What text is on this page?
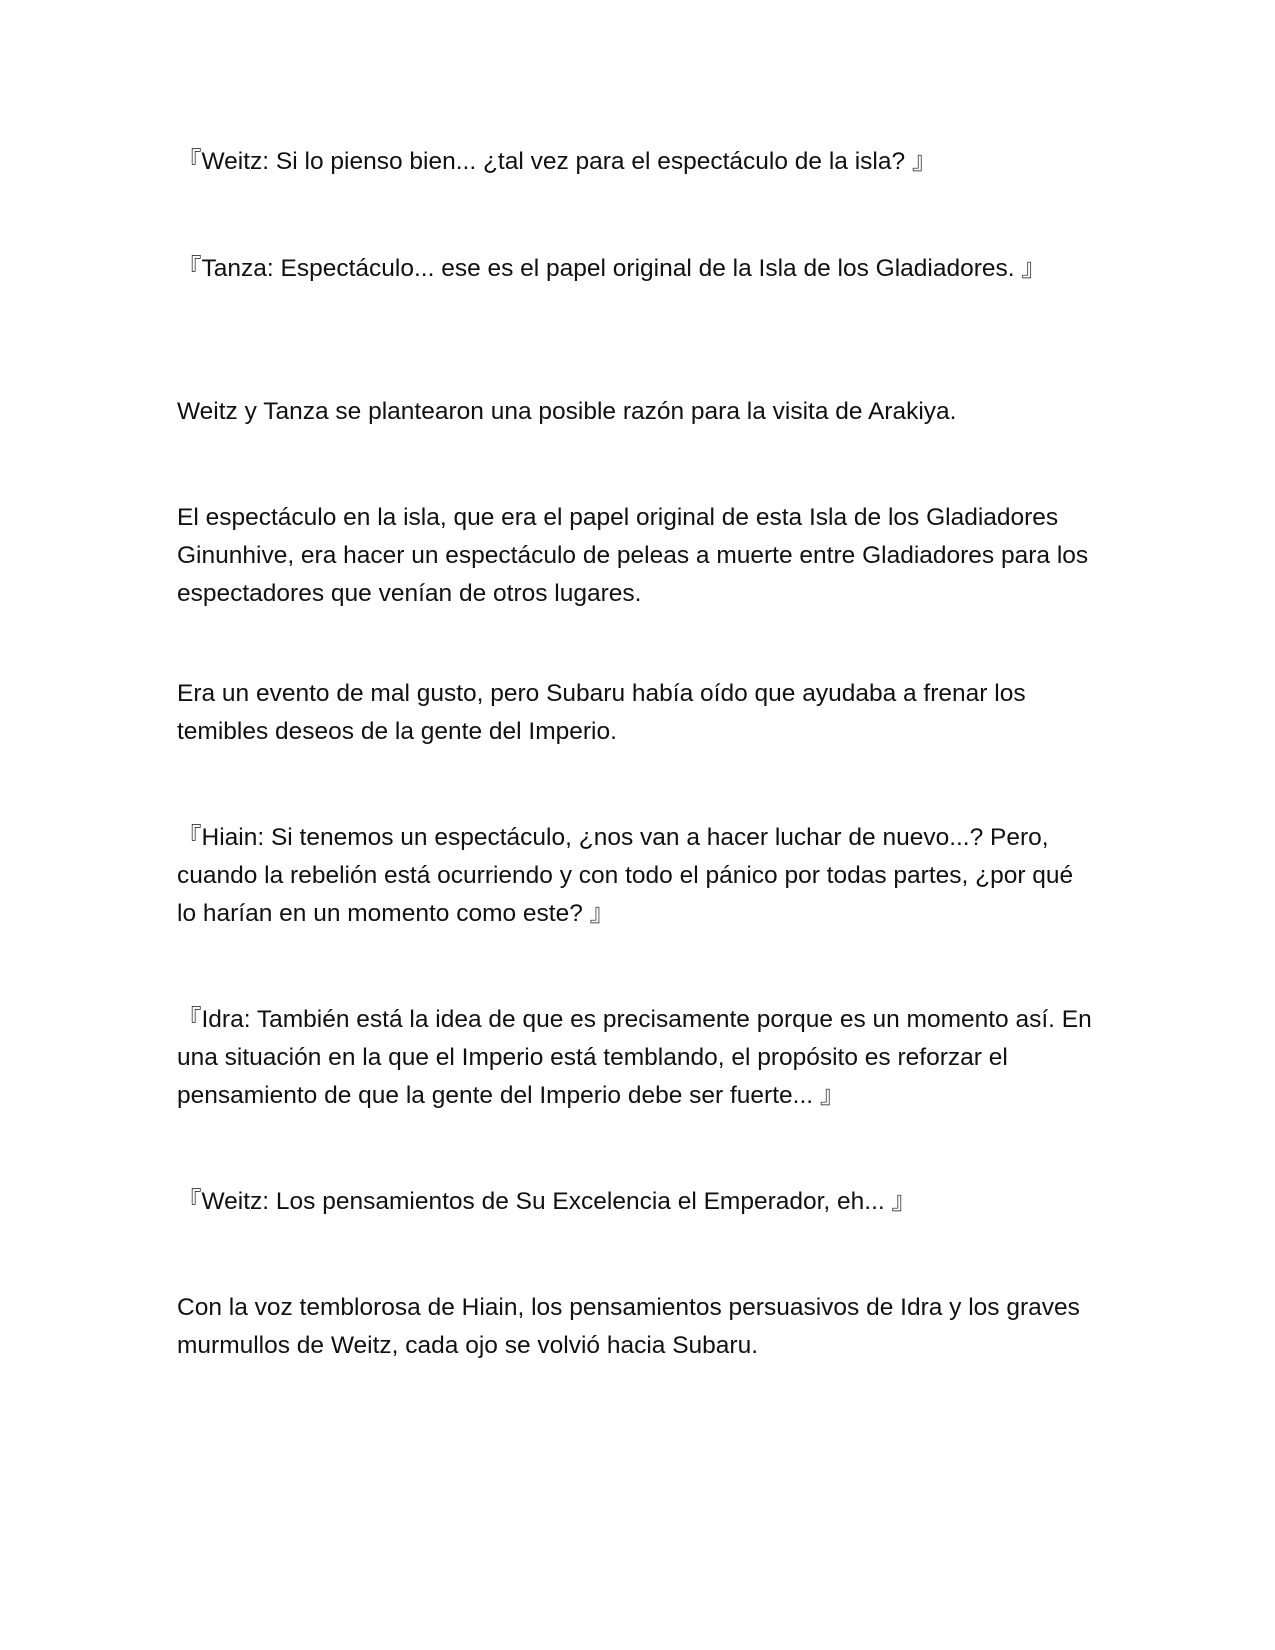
『Weitz: Si lo pienso bien... ¿tal vez para el espectáculo de la isla? 』

『Tanza: Espectáculo... ese es el papel original de la Isla de los Gladiadores. 』

Weitz y Tanza se plantearon una posible razón para la visita de Arakiya.

El espectáculo en la isla, que era el papel original de esta Isla de los Gladiadores Ginunhive, era hacer un espectáculo de peleas a muerte entre Gladiadores para los espectadores que venían de otros lugares.

Era un evento de mal gusto, pero Subaru había oído que ayudaba a frenar los temibles deseos de la gente del Imperio.

『Hiain: Si tenemos un espectáculo, ¿nos van a hacer luchar de nuevo...? Pero, cuando la rebelión está ocurriendo y con todo el pánico por todas partes, ¿por qué lo harían en un momento como este? 』

『Idra: También está la idea de que es precisamente porque es un momento así. En una situación en la que el Imperio está temblando, el propósito es reforzar el pensamiento de que la gente del Imperio debe ser fuerte... 』

『Weitz: Los pensamientos de Su Excelencia el Emperador, eh... 』

Con la voz temblorosa de Hiain, los pensamientos persuasivos de Idra y los graves murmullos de Weitz, cada ojo se volvió hacia Subaru.
